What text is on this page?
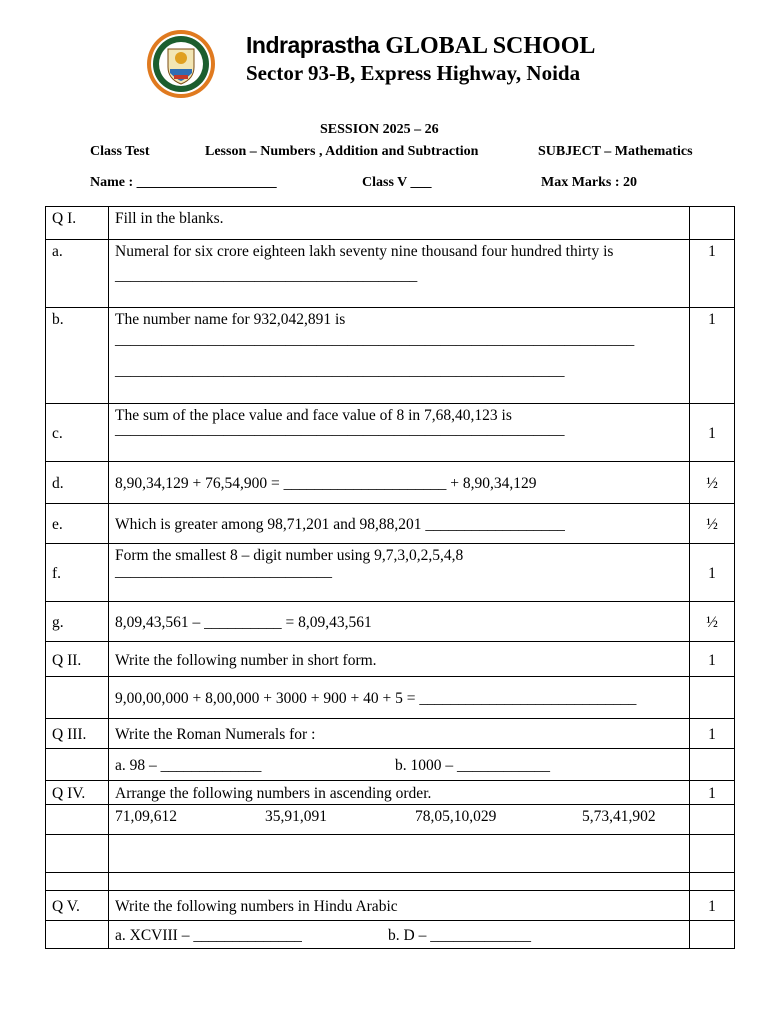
Indraprastha GLOBAL SCHOOL
Sector 93-B, Express Highway, Noida
SESSION 2025 – 26
Class Test	Lesson – Numbers , Addition and Subtraction	SUBJECT – Mathematics
Name : ____________________	Class V ___	Max Marks : 20
Q I.	Fill in the blanks.	
a.	Numeral for six crore eighteen lakh seventy nine thousand four hundred thirty is
_______________________________________	1
b.	The number name for 932,042,891 is
___________________________________________________________________
__________________________________________________________	1
c.	The sum of the place value and face value of 8 in 7,68,40,123 is
__________________________________________________________	1
d.	8,90,34,129 + 76,54,900 = _____________________ + 8,90,34,129	½
e.	Which is greater among 98,71,201 and 98,88,201 __________________	½
f.	Form the smallest 8 – digit number using 9,7,3,0,2,5,4,8
____________________________	1
g.	8,09,43,561 – __________ = 8,09,43,561	½
Q II.	Write the following number in short form.	1
	9,00,00,000 + 8,00,000 + 3000 + 900 + 40 + 5 = ____________________________	
Q III.	Write the Roman Numerals for :	1
	a. 98 – _____________ b. 1000 – ____________	
Q IV.	Arrange the following numbers in ascending order.	1
	71,09,612 35,91,091 78,05,10,029 5,73,41,902	

Q V.	Write the following numbers in Hindu Arabic	1
	a. XCVIII – ______________ b. D – _____________	
